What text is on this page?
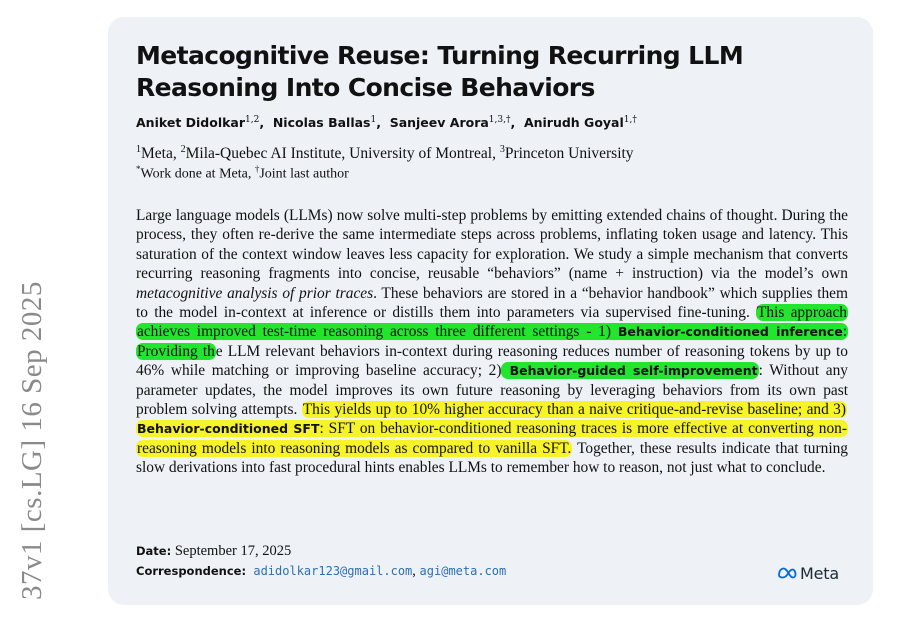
37v1 [cs.LG] 16 Sep 2025
Metacognitive Reuse: Turning Recurring LLM Reasoning Into Concise Behaviors
Aniket Didolkar$^{1,2}$,  Nicolas Ballas$^1$,  Sanjeev Arora$^{1,3,\dagger}$,  Anirudh Goyal$^{1,\dagger}$
$^1$Meta, $^2$Mila-Quebec AI Institute, University of Montreal, $^3$Princeton University
*Work done at Meta, †Joint last author
Large language models (LLMs) now solve multi-step problems by emitting extended chains of thought. During the process, they often re-derive the same intermediate steps across problems, inflating token usage and latency. This saturation of the context window leaves less capacity for exploration. We study a simple mechanism that converts recurring reasoning fragments into concise, reusable “behaviors” (name + instruction) via the model’s own metacognitive analysis of prior traces. These behaviors are stored in a “behavior handbook” which supplies them to the model in-context at inference or distills them into parameters via supervised fine-tuning. This approach achieves improved test-time reasoning across three different settings - 1) Behavior-conditioned inference: Providing the LLM relevant behaviors in-context during reasoning reduces number of reasoning tokens by up to 46% while matching or improving baseline accuracy; 2) Behavior-guided self-improvement: Without any parameter updates, the model improves its own future reasoning by leveraging behaviors from its own past problem solving attempts. This yields up to 10% higher accuracy than a naive critique-and-revise baseline; and 3) Behavior-conditioned SFT: SFT on behavior-conditioned reasoning traces is more effective at converting non-reasoning models into reasoning models as compared to vanilla SFT. Together, these results indicate that turning slow derivations into fast procedural hints enables LLMs to remember how to reason, not just what to conclude.
Date: September 17, 2025
Correspondence: adidolkar123@gmail.com, agi@meta.com	Meta
